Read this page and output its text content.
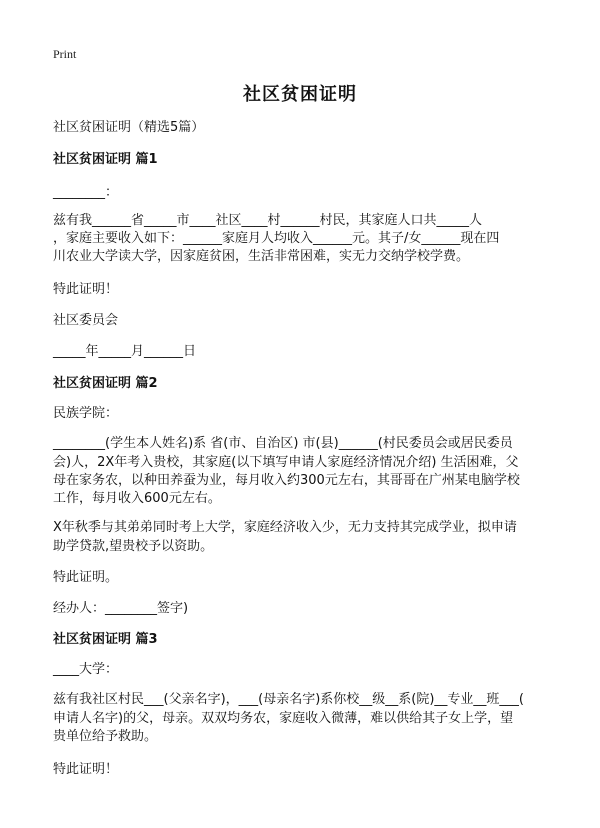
Print
社区贫困证明
社区贫困证明（精选5篇）
社区贫困证明 篇1
________：
兹有我______省_____市____社区____村______村民，其家庭人口共_____人
，家庭主要收入如下：______家庭月人均收入______元。其子/女______现在四
川农业大学读大学，因家庭贫困，生活非常困难，实无力交纳学校学费。
特此证明！
社区委员会
_____年_____月______日
社区贫困证明 篇2
民族学院：
________(学生本人姓名)系 省(市、自治区) 市(县)______(村民委员会或居民委员
会)人，2X年考入贵校，其家庭(以下填写申请人家庭经济情况介绍) 生活困难，父
母在家务农，以种田养蚕为业，每月收入约300元左右，其哥哥在广州某电脑学校
工作，每月收入600元左右。
X年秋季与其弟弟同时考上大学，家庭经济收入少，无力支持其完成学业，拟申请
助学贷款,望贵校予以资助。
特此证明。
经办人：________签字)
社区贫困证明 篇3
____大学：
兹有我社区村民___(父亲名字)，___(母亲名字)系你校__级__系(院)__专业__班___(
申请人名字)的父，母亲。双双均务农，家庭收入微薄，难以供给其子女上学，望
贵单位给予救助。
特此证明！
